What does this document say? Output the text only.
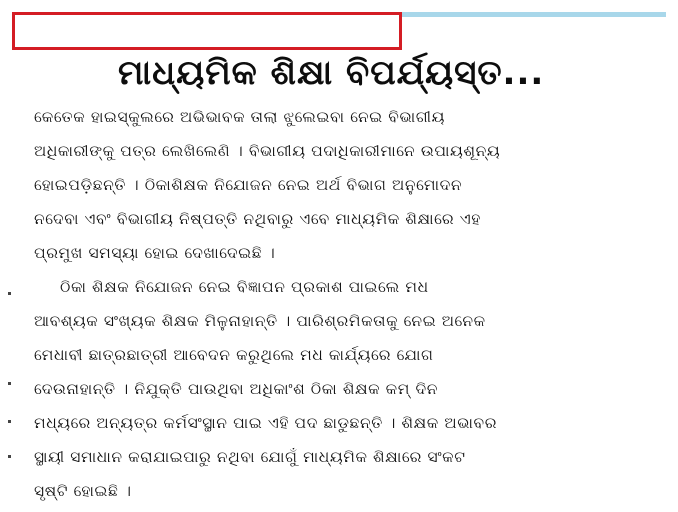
ମାଧ୍ୟମିକ ଶିକ୍ଷା ବିପର୍ଯ୍ୟସ୍ତ...
କେତେକ ହାଇସ୍କୁଲରେ ଅଭିଭାବକ ତାଲା ଝୁଲେଇବା ନେଇ ବିଭାଗୀୟ
ଅଧିକାରୀଙ୍କୁ ପତ୍ର ଲେଖିଲେଣି । ବିଭାଗୀୟ ପଦାଧିକାରୀମାନେ ଉପାୟଶୂନ୍ୟ
ହୋଇପଡ଼ିଛନ୍ତି । ଠିକାଶିକ୍ଷକ ନିଯୋଜନ ନେଇ ଅର୍ଥ ବିଭାଗ ଅନୁମୋଦନ
ନଦେବା ଏବଂ ବିଭାଗୀୟ ନିଷ୍ପତ୍ତି ନଥିବାରୁ ଏବେ ମାଧ୍ୟମିକ ଶିକ୍ଷାରେ ଏହ
ପ୍ରମୁଖ ସମସ୍ୟା ହୋଇ ଦେଖାଦେଇଛି ।
ଠିକା ଶିକ୍ଷକ ନିଯୋଜନ ନେଇ ବିଜ୍ଞାପନ ପ୍ରକାଶ ପାଇଲେ ମଧ
ଆବଶ୍ୟକ ସଂଖ୍ୟକ ଶିକ୍ଷକ ମିଳୁନାହାନ୍ତି । ପାରିଶ୍ରମିକତାକୁ ନେଇ ଅନେକ
ମେଧାବୀ ଛାତ୍ରଛାତ୍ରୀ ଆବେଦନ କରୁଥିଲେ ମଧ କାର୍ଯ୍ୟରେ ଯୋଗ
ଦେଉନାହାନ୍ତି । ନିଯୁକ୍ତି ପାଉଥିବା ଅଧିକାଂଶ ଠିକା ଶିକ୍ଷକ କମ୍ ଦିନ
ମଧ୍ୟରେ ଅନ୍ୟତ୍ର କର୍ମସଂସ୍ଥାନ ପାଇ ଏହି ପଦ ଛାଡୁଛନ୍ତି । ଶିକ୍ଷକ ଅଭାବର
ସ୍ଥାୟୀ ସମାଧାନ କରାଯାଇପାରୁ ନଥିବା ଯୋଗୁଁ ମାଧ୍ୟମିକ ଶିକ୍ଷାରେ ସଂକଟ
ସୃଷ୍ଟି ହୋଇଛି ।
